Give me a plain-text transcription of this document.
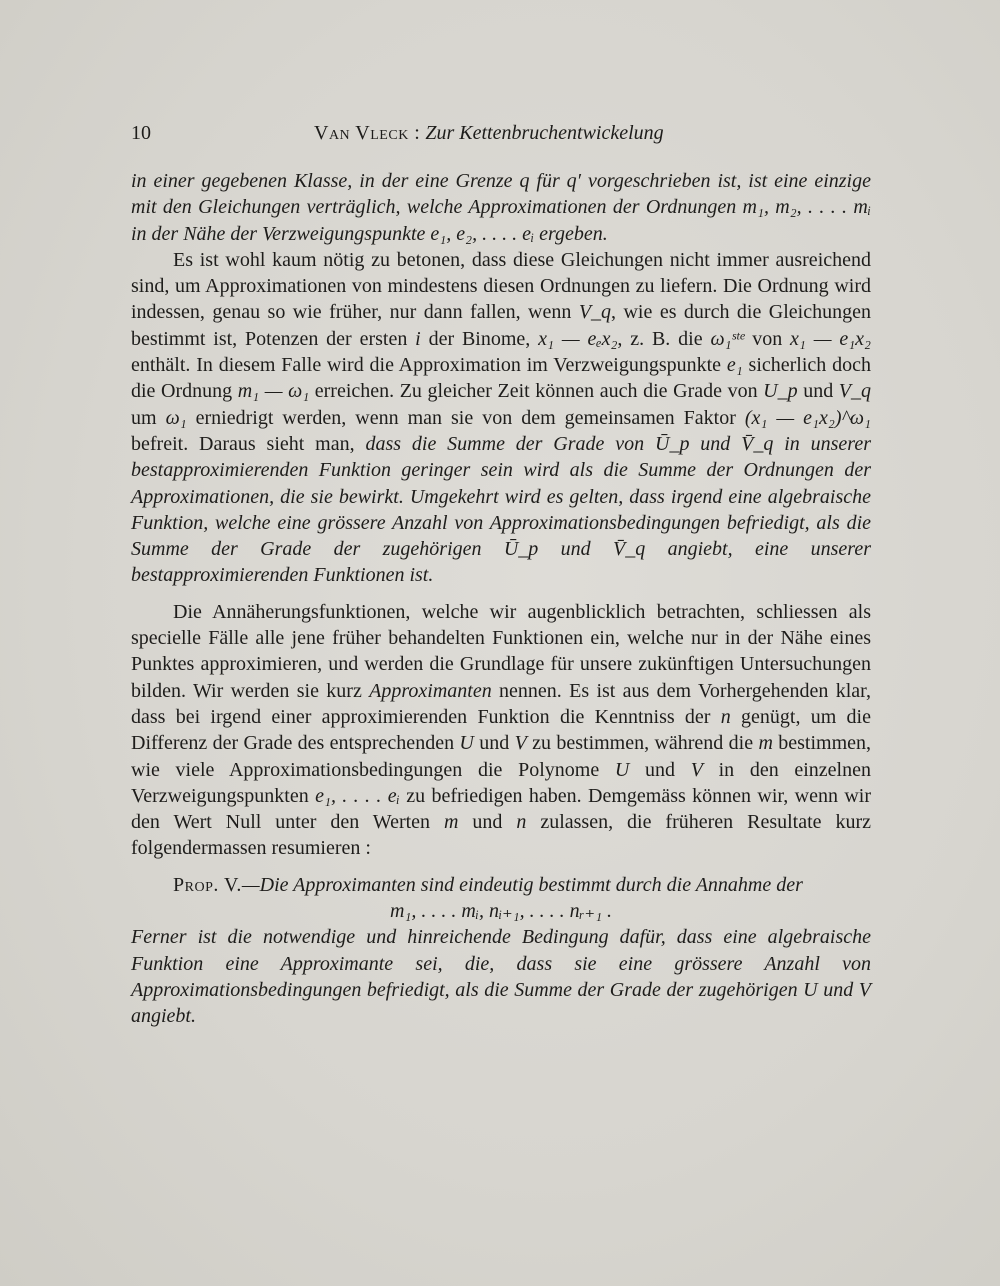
10	Van Vleck : Zur Kettenbruchentwickelung

in einer gegebenen Klasse, in der eine Grenze q für q′ vorgeschrieben ist, ist eine einzige mit den Gleichungen verträglich, welche Approximationen der Ordnungen m₁, m₂, . . . . mᵢ in der Nähe der Verzweigungspunkte e₁, e₂, . . . . eᵢ ergeben.

Es ist wohl kaum nötig zu betonen, dass diese Gleichungen nicht immer ausreichend sind, um Approximationen von mindestens diesen Ordnungen zu liefern. Die Ordnung wird indessen, genau so wie früher, nur dann fallen, wenn V_q, wie es durch die Gleichungen bestimmt ist, Potenzen der ersten i der Binome, x₁ — eₑx₂, z. B. die ω₁ˢᵗᵉ von x₁ — e₁x₂ enthält. In diesem Falle wird die Approximation im Verzweigungspunkte e₁ sicherlich doch die Ordnung m₁ — ω₁ erreichen. Zu gleicher Zeit können auch die Grade von U_p und V_q um ω₁ erniedrigt werden, wenn man sie von dem gemeinsamen Faktor (x₁ — e₁x₂)^ω₁ befreit. Daraus sieht man, dass die Summe der Grade von Ū_p und V̄_q in unserer bestapproximierenden Funktion geringer sein wird als die Summe der Ordnungen der Approximationen, die sie bewirkt. Umgekehrt wird es gelten, dass irgend eine algebraische Funktion, welche eine grössere Anzahl von Approximationsbedingungen befriedigt, als die Summe der Grade der zugehörigen Ū_p und V̄_q angiebt, eine unserer bestapproximierenden Funktionen ist.

Die Annäherungsfunktionen, welche wir augenblicklich betrachten, schliessen als specielle Fälle alle jene früher behandelten Funktionen ein, welche nur in der Nähe eines Punktes approximieren, und werden die Grundlage für unsere zukünftigen Untersuchungen bilden. Wir werden sie kurz Approximanten nennen. Es ist aus dem Vorhergehenden klar, dass bei irgend einer approximierenden Funktion die Kenntniss der n genügt, um die Differenz der Grade des entsprechenden U und V zu bestimmen, während die m bestimmen, wie viele Approximationsbedingungen die Polynome U und V in den einzelnen Verzweigungspunkten e₁, . . . . eᵢ zu befriedigen haben. Demgemäss können wir, wenn wir den Wert Null unter den Werten m und n zulassen, die früheren Resultate kurz folgendermassen resumieren :

Prop. V.—Die Approximanten sind eindeutig bestimmt durch die Annahme der

m₁, . . . . mᵢ, nᵢ₊₁, . . . . nᵣ₊₁ .

Ferner ist die notwendige und hinreichende Bedingung dafür, dass eine algebraische Funktion eine Approximante sei, die, dass sie eine grössere Anzahl von Approximationsbedingungen befriedigt, als die Summe der Grade der zugehörigen U und V angiebt.
